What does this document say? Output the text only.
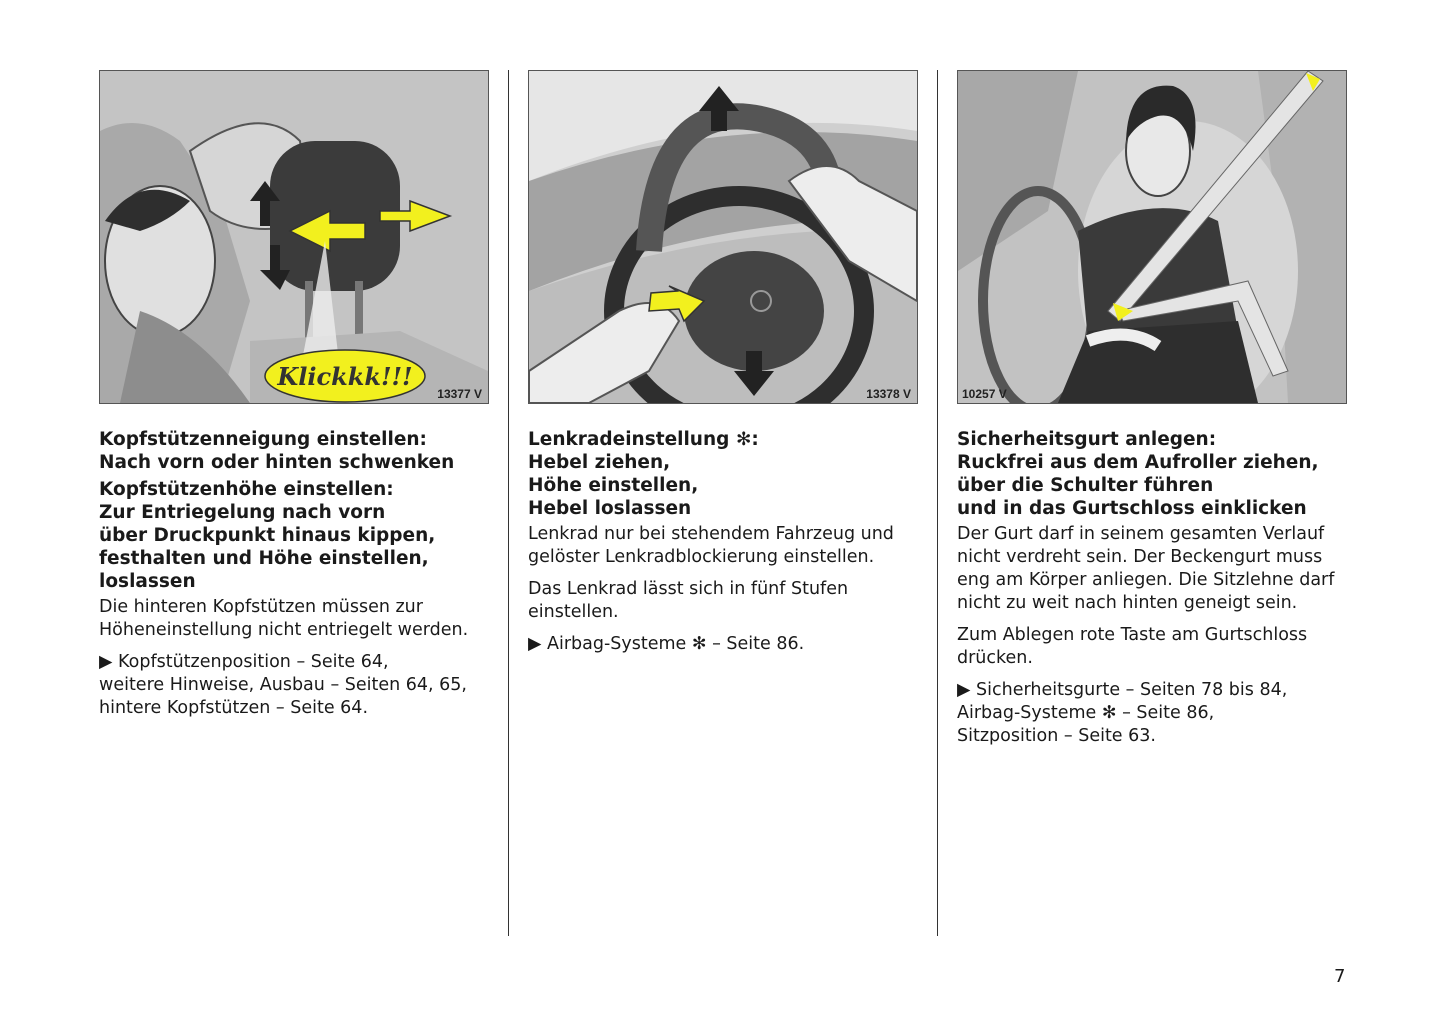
Klickkk!!!
13377 V

Kopfstützenneigung einstellen:
Nach vorn oder hinten schwenken

Kopfstützenhöhe einstellen:
Zur Entriegelung nach vorn
über Druckpunkt hinaus kippen,
festhalten und Höhe einstellen,
loslassen

Die hinteren Kopfstützen müssen zur Höheneinstellung nicht entriegelt werden.

▶ Kopfstützenposition – Seite 64,
weitere Hinweise, Ausbau – Seiten 64, 65,
hintere Kopfstützen – Seite 64.

13378 V

Lenkradeinstellung ✻:
Hebel ziehen,
Höhe einstellen,
Hebel loslassen

Lenkrad nur bei stehendem Fahrzeug und gelöster Lenkradblockierung einstellen.

Das Lenkrad lässt sich in fünf Stufen einstellen.

▶ Airbag-Systeme ✻ – Seite 86.

10257 V

Sicherheitsgurt anlegen:
Ruckfrei aus dem Aufroller ziehen,
über die Schulter führen
und in das Gurtschloss einklicken

Der Gurt darf in seinem gesamten Verlauf nicht verdreht sein. Der Beckengurt muss eng am Körper anliegen. Die Sitzlehne darf nicht zu weit nach hinten geneigt sein.

Zum Ablegen rote Taste am Gurtschloss drücken.

▶ Sicherheitsgurte – Seiten 78 bis 84,
Airbag-Systeme ✻ – Seite 86,
Sitzposition – Seite 63.

7
